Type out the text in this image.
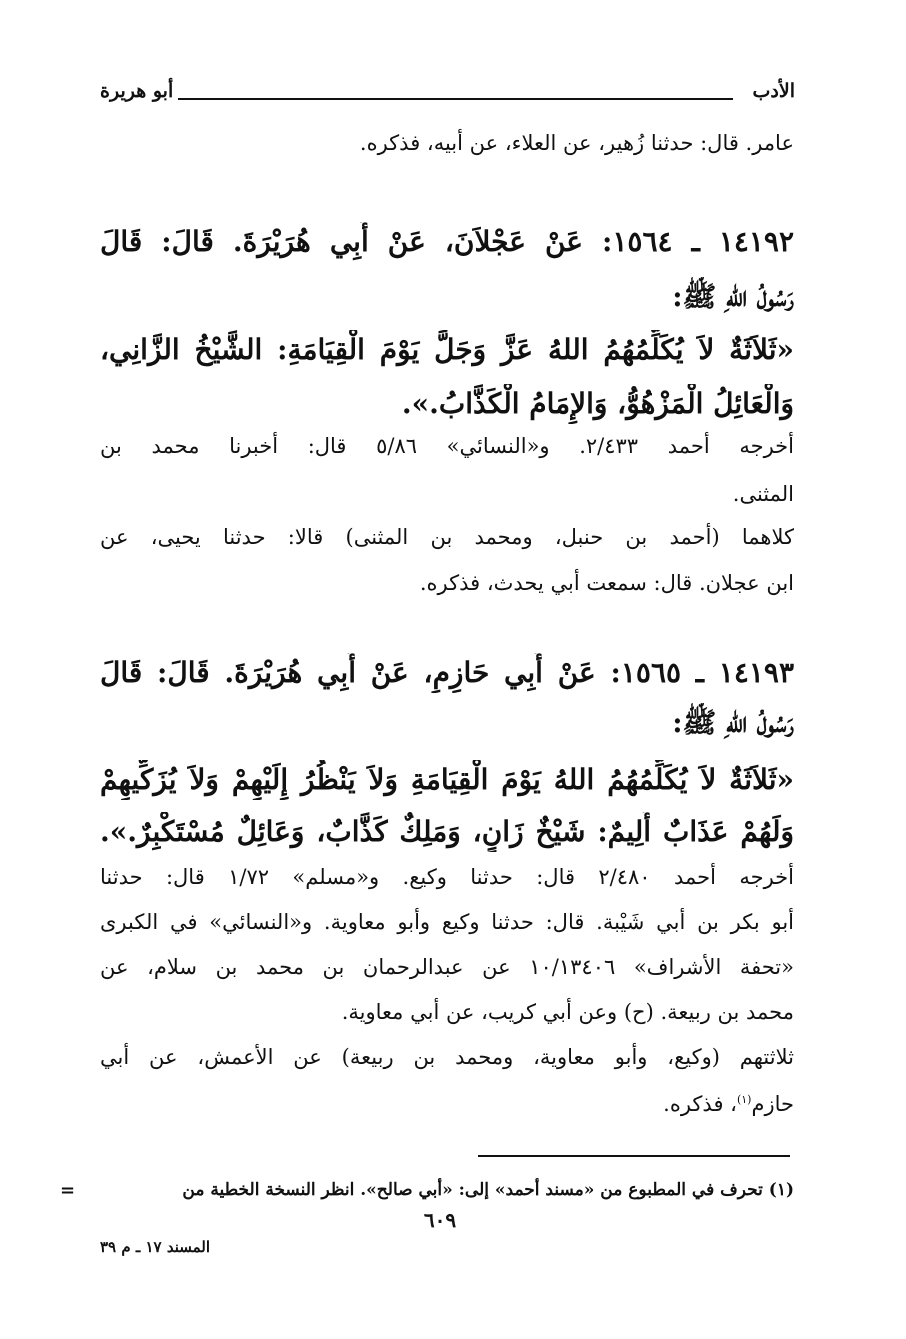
الأدب
أبو هريرة
عامر. قال: حدثنا زُهير، عن العلاء، عن أبيه، فذكره.
١٤١٩٢ ـ ١٥٦٤: عَنْ عَجْلاَنَ، عَنْ أَبِي هُرَيْرَةَ. قَالَ: قَالَ
رَسُولُ اللهِ ﷺ:
«ثَلاَثَةٌ لاَ يُكَلِّمُهُمُ اللهُ عَزَّ وَجَلَّ يَوْمَ الْقِيَامَةِ: الشَّيْخُ الزَّانِي،
وَالْعَائِلُ الْمَزْهُوُّ، وَالإِمَامُ الْكَذَّابُ.».
أخرجه أحمد ٢/٤٣٣. و«النسائي» ٥/٨٦ قال: أخبرنا محمد بن
المثنى.
كلاهما (أحمد بن حنبل، ومحمد بن المثنى) قالا: حدثنا يحيى، عن
ابن عجلان. قال: سمعت أبي يحدث، فذكره.
١٤١٩٣ ـ ١٥٦٥: عَنْ أَبِي حَازِمٍ، عَنْ أَبِي هُرَيْرَةَ. قَالَ: قَالَ
رَسُولُ اللهِ ﷺ:
«ثَلاَثَةٌ لاَ يُكَلِّمُهُمُ اللهُ يَوْمَ الْقِيَامَةِ وَلاَ يَنْظُرُ إِلَيْهِمْ وَلاَ يُزَكِّيهِمْ
وَلَهُمْ عَذَابٌ أَلِيمٌ: شَيْخٌ زَانٍ، وَمَلِكٌ كَذَّابٌ، وَعَائِلٌ مُسْتَكْبِرٌ.».
أخرجه أحمد ٢/٤٨٠ قال: حدثنا وكيع. و«مسلم» ١/٧٢ قال: حدثنا
أبو بكر بن أبي شَيْبة. قال: حدثنا وكيع وأبو معاوية. و«النسائي» في الكبرى
«تحفة الأشراف» ١٠/١٣٤٠٦ عن عبدالرحمان بن محمد بن سلام، عن
محمد بن ربيعة. (ح) وعن أبي كريب، عن أبي معاوية.
ثلاثتهم (وكيع، وأبو معاوية، ومحمد بن ربيعة) عن الأعمش، عن أبي
حازم$^{(١)}$، فذكره.
(١) تحرف في المطبوع من «مسند أحمد» إلى: «أبي صالح». انظر النسخة الخطية من
=
٦٠٩
المسند ١٧ ـ م ٣٩
